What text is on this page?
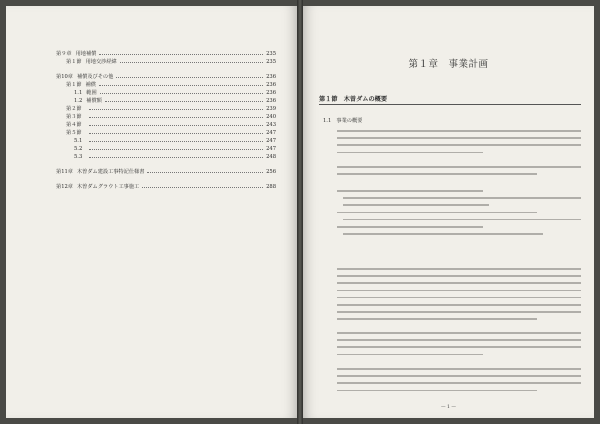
第９章 用地補償	235
第１節 用地交渉経緯	235
第10章 補償及びその他	236
第１節 補償	236
1.1 範囲	236
1.2 補償額	236
第２節	239
第３節	240
第４節	243
第５節	247
5.1	247
5.2	247
5.3	248
第11章 木曽ダム建設工事特記仕様書	256
第12章 木曽ダムグラウト工事施工	288
第１章　事業計画
第１節　木曽ダムの概要
1.1　事業の概要
— 1 —
